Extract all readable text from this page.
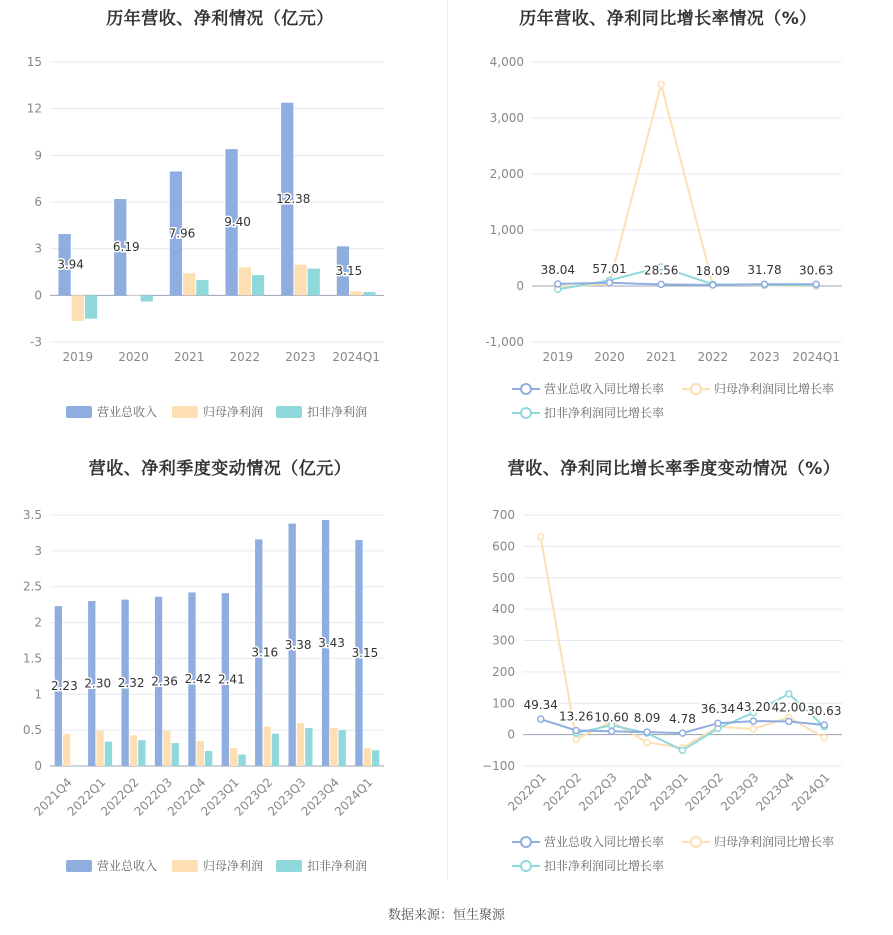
-3
0
3
6
9
12
15
3.94
6.19
7.96
9.40
12.38
3.15
2019 2020 2021 2022 2023 2024Q1
历年营收、净利情况（亿元）
营业总收入	归母净利润	扣非净利润
-1,000
0
1,000
2,000
3,000
4,000
38.04 57.01 28.56 18.09 31.78 30.63
2019 2020 2021 2022 2023 2024Q1
历年营收、净利同比增长率情况（%）
营业总收入同比增长率	归母净利润同比增长率
扣非净利润同比增长率
0
0.5
1
1.5
2
2.5
3
3.5
2.23 2.30 2.32 2.36 2.42 2.41
3.16
3.38 3.43
3.15
2021Q4
2022Q1
2022Q2
2022Q3
2022Q4
2023Q1
2023Q2
2023Q3
2023Q4
2024Q1
营收、净利季度变动情况（亿元）
营业总收入	归母净利润	扣非净利润
−100
0
100
200
300
400
500
600
700
49.34
13.26 10.60 8.09 4.78
36.34 43.20 42.00 30.63
2022Q1
2022Q2
2022Q3
2022Q4
2023Q1
2023Q2
2023Q3
2023Q4
2024Q1
营收、净利同比增长率季度变动情况（%）
营业总收入同比增长率	归母净利润同比增长率
扣非净利润同比增长率
数据来源：恒生聚源
